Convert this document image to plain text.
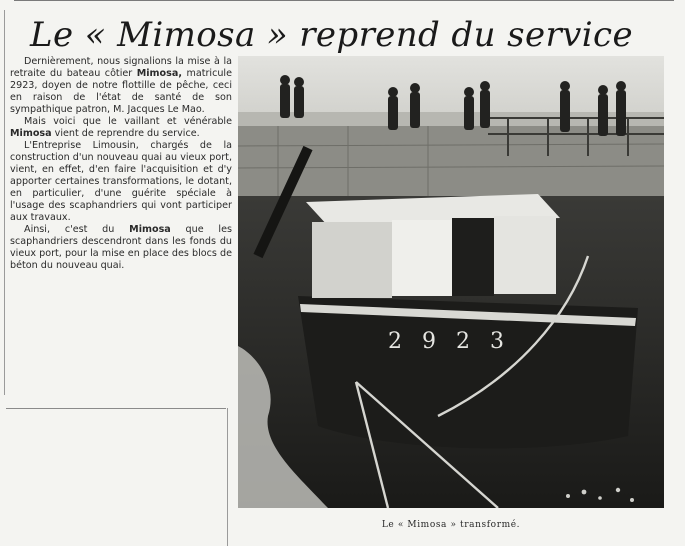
Le « Mimosa » reprend du service

Dernièrement, nous signalions la mise à la retraite du bateau côtier Mimosa, matricule 2923, doyen de notre flottille de pêche, ceci en raison de l'état de santé de son sympathique patron, M. Jacques Le Mao.

Mais voici que le vaillant et vénérable Mimosa vient de reprendre du service.

L'Entreprise Limousin, chargés de la construction d'un nouveau quai au vieux port, vient, en effet, d'en faire l'acquisition et d'y apporter certaines transformations, le dotant, en particulier, d'une guérite spéciale à l'usage des scaphandriers qui vont participer aux travaux.

Ainsi, c'est du Mimosa que les scaphandriers descendront dans les fonds du vieux port, pour la mise en place des blocs de béton du nouveau quai.

2923
Le « Mimosa » transformé.
